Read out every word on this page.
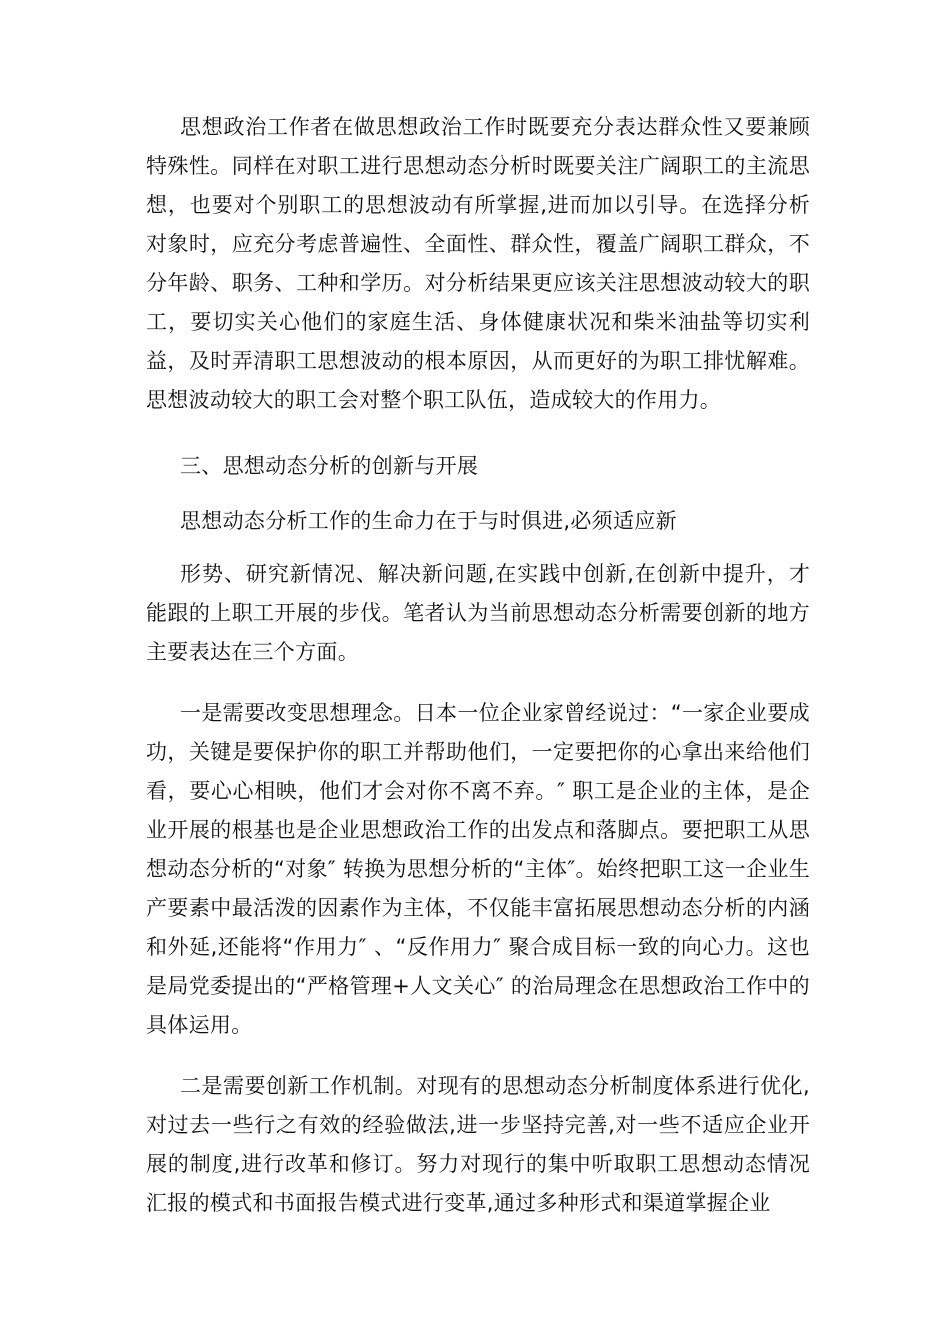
思想政治工作者在做思想政治工作时既要充分表达群众性又要兼顾特殊性。同样在对职工进行思想动态分析时既要关注广阔职工的主流思想，也要对个别职工的思想波动有所掌握,进而加以引导。在选择分析对象时，应充分考虑普遍性、全面性、群众性，覆盖广阔职工群众，不分年龄、职务、工种和学历。对分析结果更应该关注思想波动较大的职工，要切实关心他们的家庭生活、身体健康状况和柴米油盐等切实利益，及时弄清职工思想波动的根本原因，从而更好的为职工排忧解难。思想波动较大的职工会对整个职工队伍，造成较大的作用力。

三、思想动态分析的创新与开展

思想动态分析工作的生命力在于与时俱进,必须适应新

形势、研究新情况、解决新问题,在实践中创新,在创新中提升，才能跟的上职工开展的步伐。笔者认为当前思想动态分析需要创新的地方主要表达在三个方面。

一是需要改变思想理念。日本一位企业家曾经说过：“一家企业要成功，关键是要保护你的职工并帮助他们，一定要把你的心拿出来给他们看，要心心相映，他们才会对你不离不弃。″ 职工是企业的主体，是企业开展的根基也是企业思想政治工作的出发点和落脚点。要把职工从思想动态分析的“对象″ 转换为思想分析的“主体″。始终把职工这一企业生产要素中最活泼的因素作为主体，不仅能丰富拓展思想动态分析的内涵和外延,还能将“作用力″ 、“反作用力″ 聚合成目标一致的向心力。这也是局党委提出的“严格管理+人文关心″ 的治局理念在思想政治工作中的具体运用。

二是需要创新工作机制。对现有的思想动态分析制度体系进行优化,对过去一些行之有效的经验做法,进一步坚持完善,对一些不适应企业开展的制度,进行改革和修订。努力对现行的集中听取职工思想动态情况汇报的模式和书面报告模式进行变革,通过多种形式和渠道掌握企业
